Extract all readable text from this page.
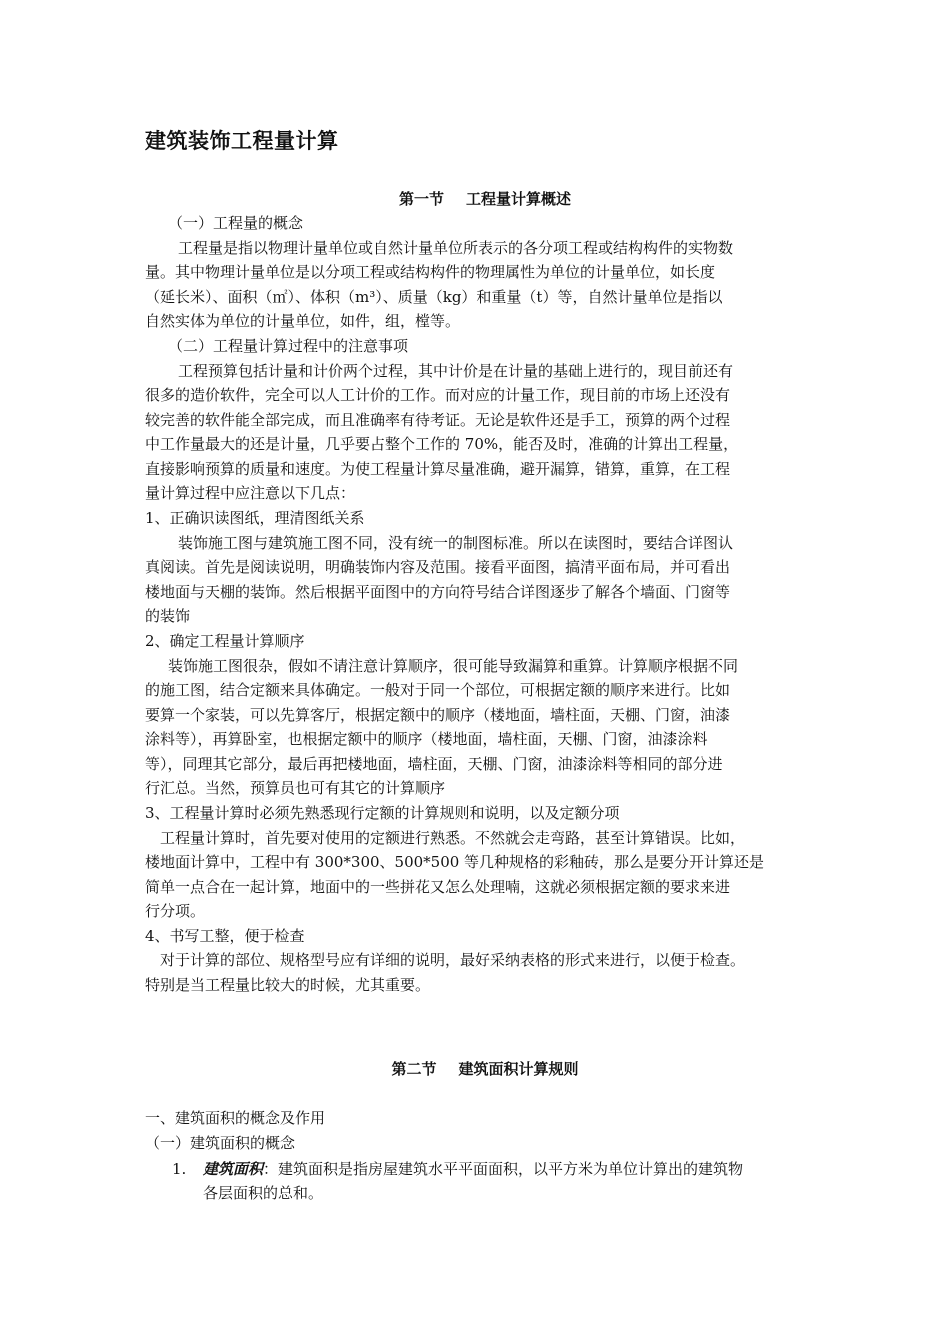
建筑装饰工程量计算
第一节 工程量计算概述
（一）工程量的概念
工程量是指以物理计量单位或自然计量单位所表示的各分项工程或结构构件的实物数
量。其中物理计量单位是以分项工程或结构构件的物理属性为单位的计量单位，如长度
（延长米）、面积（㎡）、体积（m³）、质量（kg）和重量（t）等，自然计量单位是指以
自然实体为单位的计量单位，如件，组，樘等。
（二）工程量计算过程中的注意事项
工程预算包括计量和计价两个过程，其中计价是在计量的基础上进行的，现目前还有
很多的造价软件，完全可以人工计价的工作。而对应的计量工作，现目前的市场上还没有
较完善的软件能全部完成，而且准确率有待考证。无论是软件还是手工，预算的两个过程
中工作量最大的还是计量，几乎要占整个工作的 70%，能否及时，准确的计算出工程量，
直接影响预算的质量和速度。为使工程量计算尽量准确，避开漏算，错算，重算，在工程
量计算过程中应注意以下几点：
1、正确识读图纸，理清图纸关系
装饰施工图与建筑施工图不同，没有统一的制图标准。所以在读图时，要结合详图认
真阅读。首先是阅读说明，明确装饰内容及范围。接看平面图，搞清平面布局，并可看出
楼地面与天棚的装饰。然后根据平面图中的方向符号结合详图逐步了解各个墙面、门窗等
的装饰
2、确定工程量计算顺序
装饰施工图很杂，假如不请注意计算顺序，很可能导致漏算和重算。计算顺序根据不同
的施工图，结合定额来具体确定。一般对于同一个部位，可根据定额的顺序来进行。比如
要算一个家装，可以先算客厅，根据定额中的顺序（楼地面，墙柱面，天棚、门窗，油漆
涂料等），再算卧室，也根据定额中的顺序（楼地面，墙柱面，天棚、门窗，油漆涂料
等），同理其它部分，最后再把楼地面，墙柱面，天棚、门窗，油漆涂料等相同的部分进
行汇总。当然，预算员也可有其它的计算顺序
3、工程量计算时必须先熟悉现行定额的计算规则和说明，以及定额分项
工程量计算时，首先要对使用的定额进行熟悉。不然就会走弯路，甚至计算错误。比如，
楼地面计算中，工程中有 300*300、500*500 等几种规格的彩釉砖，那么是要分开计算还是
简单一点合在一起计算，地面中的一些拼花又怎么处理喃，这就必须根据定额的要求来进
行分项。
4、书写工整，便于检查
对于计算的部位、规格型号应有详细的说明，最好采纳表格的形式来进行，以便于检查。
特别是当工程量比较大的时候，尤其重要。
第二节 建筑面积计算规则
一、建筑面积的概念及作用
（一）建筑面积的概念
1. 建筑面积：建筑面积是指房屋建筑水平平面面积，以平方米为单位计算出的建筑物
各层面积的总和。
